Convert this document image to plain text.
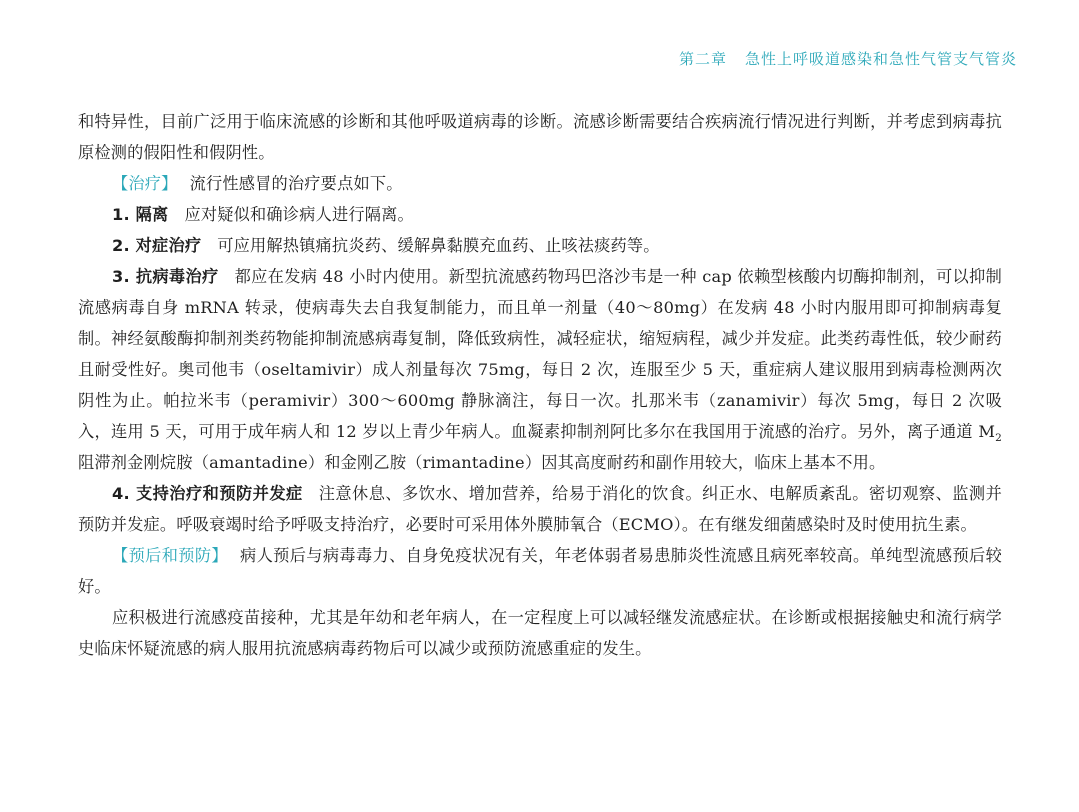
第二章 急性上呼吸道感染和急性气管支气管炎

和特异性，目前广泛用于临床流感的诊断和其他呼吸道病毒的诊断。流感诊断需要结合疾病流行情况进行判断，并考虑到病毒抗原检测的假阳性和假阴性。

【治疗】 流行性感冒的治疗要点如下。

1. 隔离 应对疑似和确诊病人进行隔离。

2. 对症治疗 可应用解热镇痛抗炎药、缓解鼻黏膜充血药、止咳祛痰药等。

3. 抗病毒治疗 都应在发病 48 小时内使用。新型抗流感药物玛巴洛沙韦是一种 cap 依赖型核酸内切酶抑制剂，可以抑制流感病毒自身 mRNA 转录，使病毒失去自我复制能力，而且单一剂量（40～80mg）在发病 48 小时内服用即可抑制病毒复制。神经氨酸酶抑制剂类药物能抑制流感病毒复制，降低致病性，减轻症状，缩短病程，减少并发症。此类药毒性低，较少耐药且耐受性好。奥司他韦（oseltamivir）成人剂量每次 75mg，每日 2 次，连服至少 5 天，重症病人建议服用到病毒检测两次阴性为止。帕拉米韦（peramivir）300～600mg 静脉滴注，每日一次。扎那米韦（zanamivir）每次 5mg，每日 2 次吸入，连用 5 天，可用于成年病人和 12 岁以上青少年病人。血凝素抑制剂阿比多尔在我国用于流感的治疗。另外，离子通道 $M_2$ 阻滞剂金刚烷胺（amantadine）和金刚乙胺（rimantadine）因其高度耐药和副作用较大，临床上基本不用。

4. 支持治疗和预防并发症 注意休息、多饮水、增加营养，给易于消化的饮食。纠正水、电解质紊乱。密切观察、监测并预防并发症。呼吸衰竭时给予呼吸支持治疗，必要时可采用体外膜肺氧合（ECMO）。在有继发细菌感染时及时使用抗生素。

【预后和预防】 病人预后与病毒毒力、自身免疫状况有关，年老体弱者易患肺炎性流感且病死率较高。单纯型流感预后较好。

应积极进行流感疫苗接种，尤其是年幼和老年病人，在一定程度上可以减轻继发流感症状。在诊断或根据接触史和流行病学史临床怀疑流感的病人服用抗流感病毒药物后可以减少或预防流感重症的发生。
